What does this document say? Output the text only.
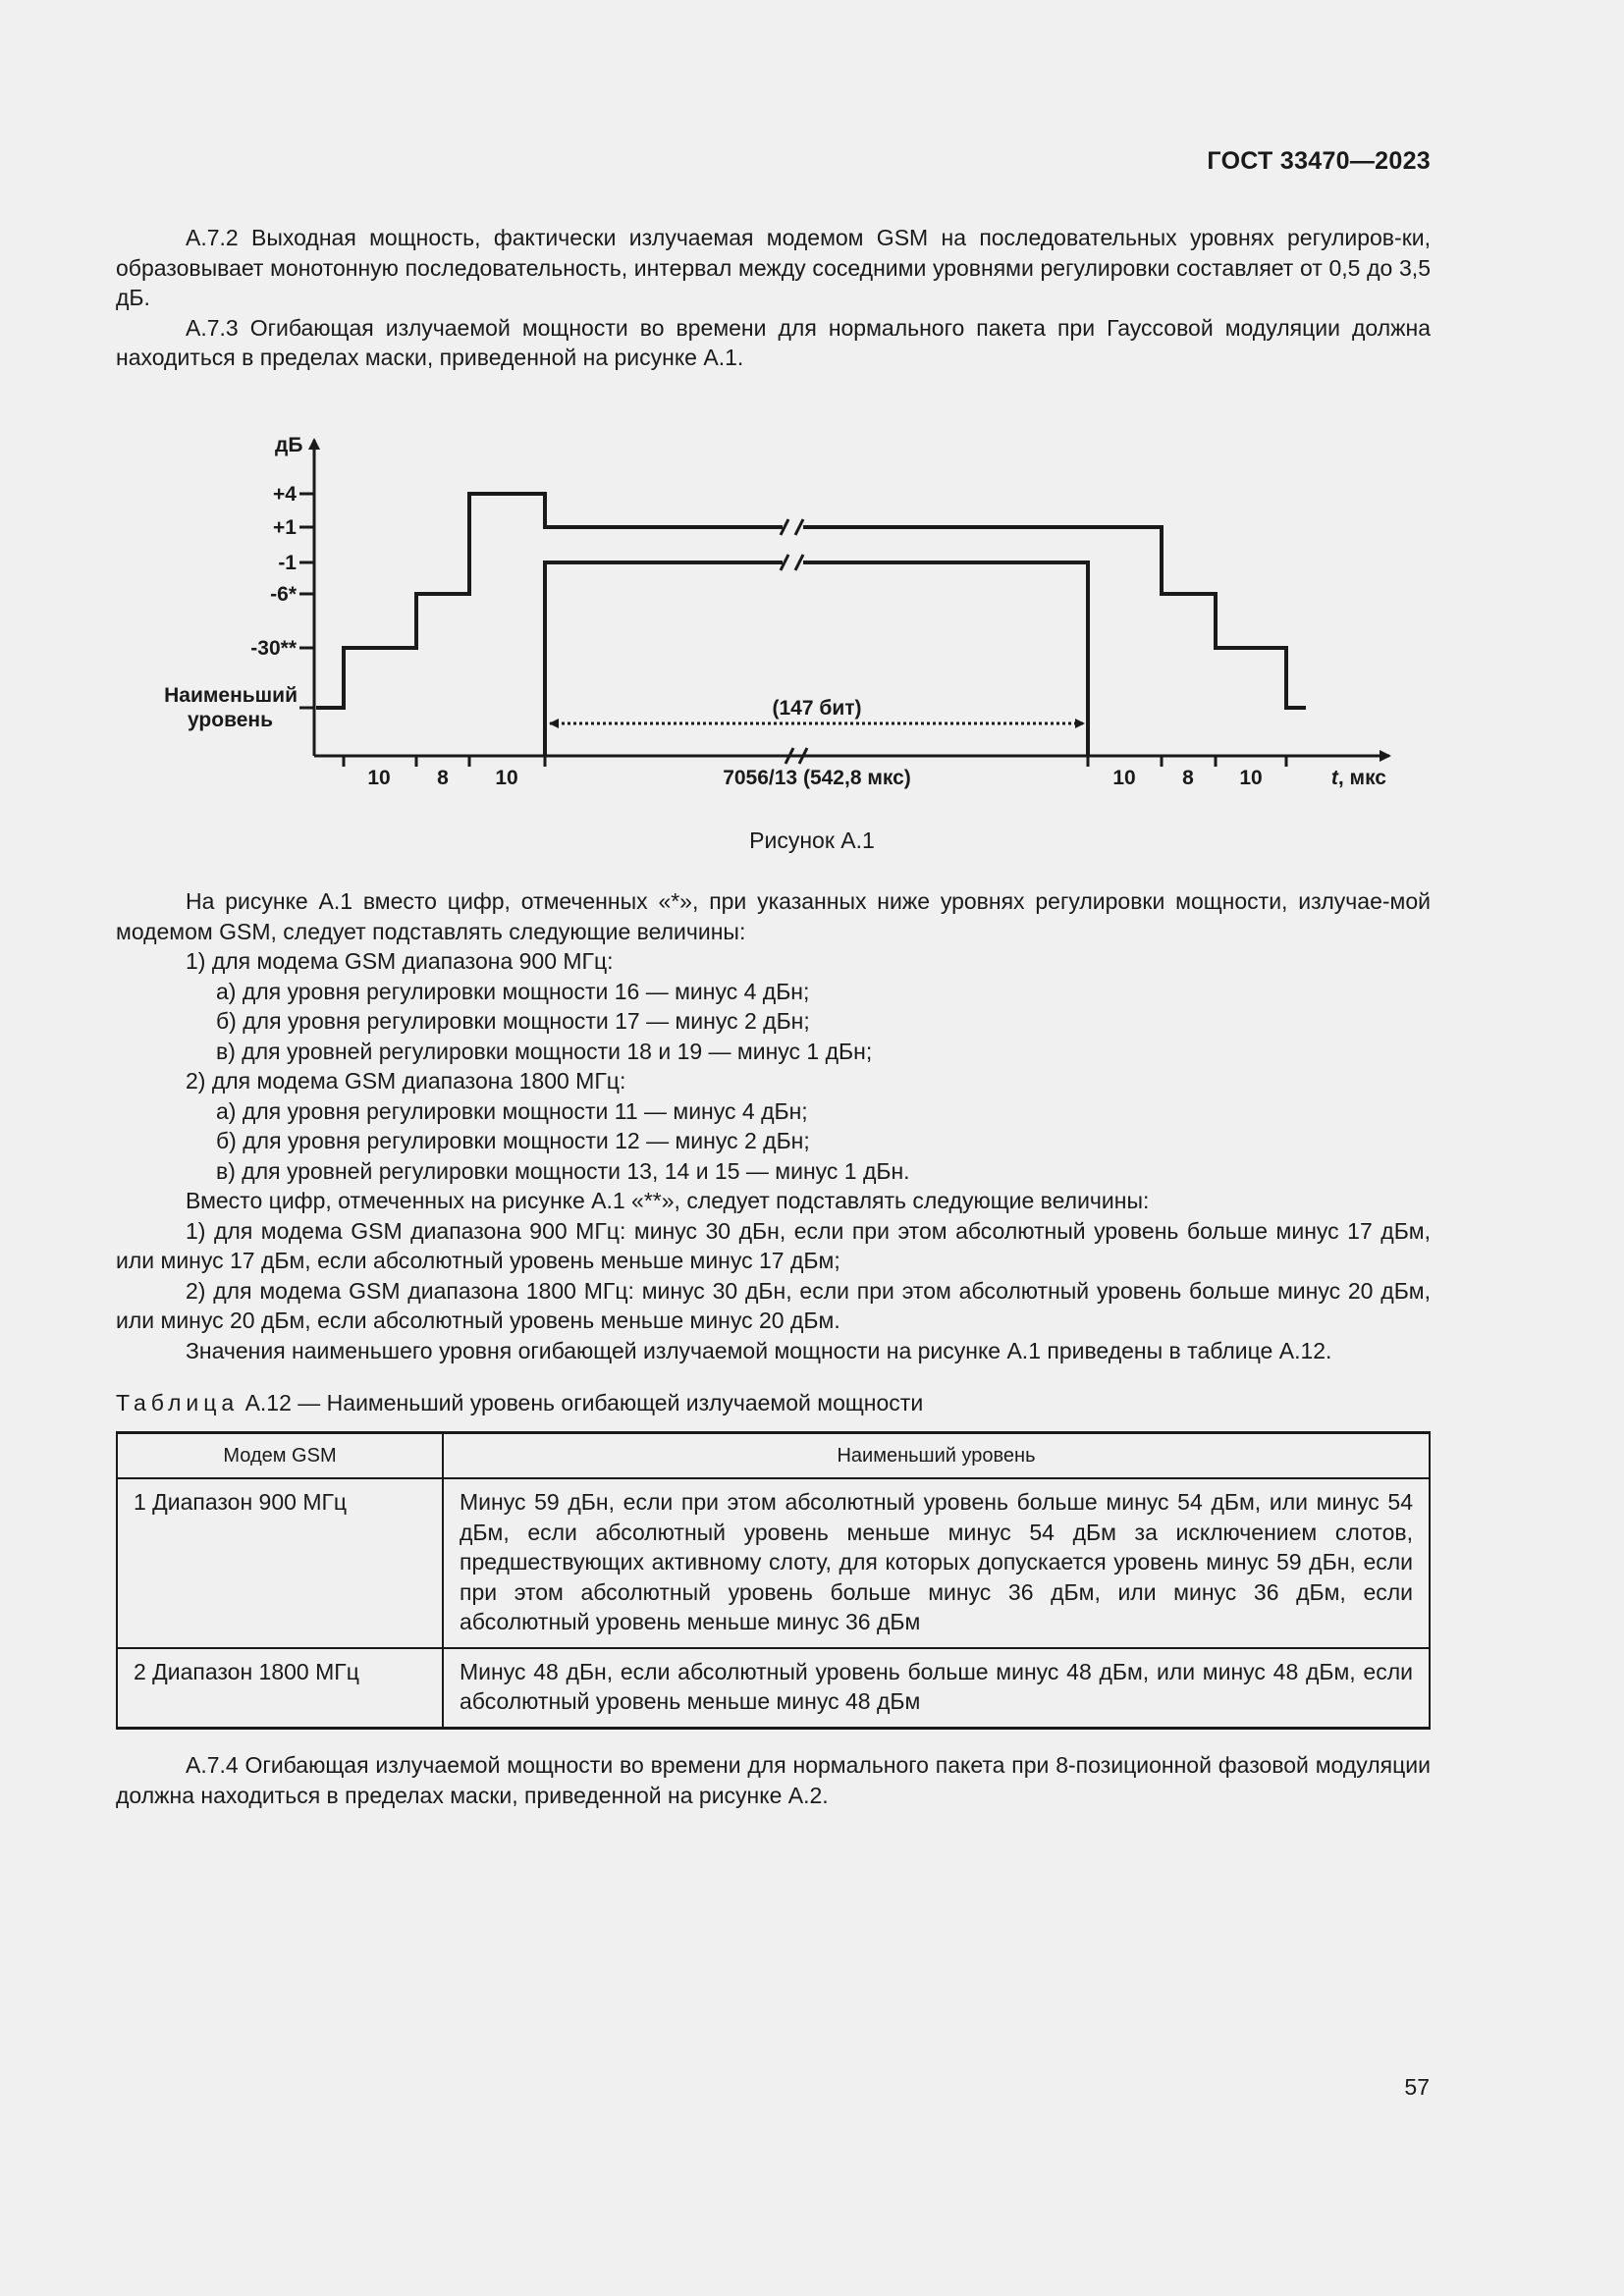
ГОСТ 33470—2023

А.7.2 Выходная мощность, фактически излучаемая модемом GSM на последовательных уровнях регулиров-ки, образовывает монотонную последовательность, интервал между соседними уровнями регулировки составляет от 0,5 до 3,5 дБ.

А.7.3 Огибающая излучаемой мощности во времени для нормального пакета при Гауссовой модуляции должна находиться в пределах маски, приведенной на рисунке А.1.

дБ
+4
+1
-1
-6*
-30**
Наименьший
уровень
(147 бит)
10 8 10	7056/13 (542,8 мкс)	10 8 10	t, мкс
Рисунок А.1

На рисунке А.1 вместо цифр, отмеченных «*», при указанных ниже уровнях регулировки мощности, излучае-мой модемом GSM, следует подставлять следующие величины:

1) для модема GSM диапазона 900 МГц:

а) для уровня регулировки мощности 16 — минус 4 дБн;

б) для уровня регулировки мощности 17 — минус 2 дБн;

в) для уровней регулировки мощности 18 и 19 — минус 1 дБн;

2) для модема GSM диапазона 1800 МГц:

а) для уровня регулировки мощности 11 — минус 4 дБн;

б) для уровня регулировки мощности 12 — минус 2 дБн;

в) для уровней регулировки мощности 13, 14 и 15 — минус 1 дБн.

Вместо цифр, отмеченных на рисунке А.1 «**», следует подставлять следующие величины:

1) для модема GSM диапазона 900 МГц: минус 30 дБн, если при этом абсолютный уровень больше минус 17 дБм, или минус 17 дБм, если абсолютный уровень меньше минус 17 дБм;

2) для модема GSM диапазона 1800 МГц: минус 30 дБн, если при этом абсолютный уровень больше минус 20 дБм, или минус 20 дБм, если абсолютный уровень меньше минус 20 дБм.

Значения наименьшего уровня огибающей излучаемой мощности на рисунке А.1 приведены в таблице А.12.

Таблица А.12 — Наименьший уровень огибающей излучаемой мощности
Модем GSM	Наименьший уровень
1 Диапазон 900 МГц	Минус 59 дБн, если при этом абсолютный уровень больше минус 54 дБм, или минус 54 дБм, если абсолютный уровень меньше минус 54 дБм за исключением слотов, предшествующих активному слоту, для которых допускается уровень минус 59 дБн, если при этом абсолютный уровень больше минус 36 дБм, или минус 36 дБм, если абсолютный уровень меньше минус 36 дБм
2 Диапазон 1800 МГц	Минус 48 дБн, если абсолютный уровень больше минус 48 дБм, или минус 48 дБм, если абсолютный уровень меньше минус 48 дБм

А.7.4 Огибающая излучаемой мощности во времени для нормального пакета при 8-позиционной фазовой модуляции должна находиться в пределах маски, приведенной на рисунке А.2.

57
